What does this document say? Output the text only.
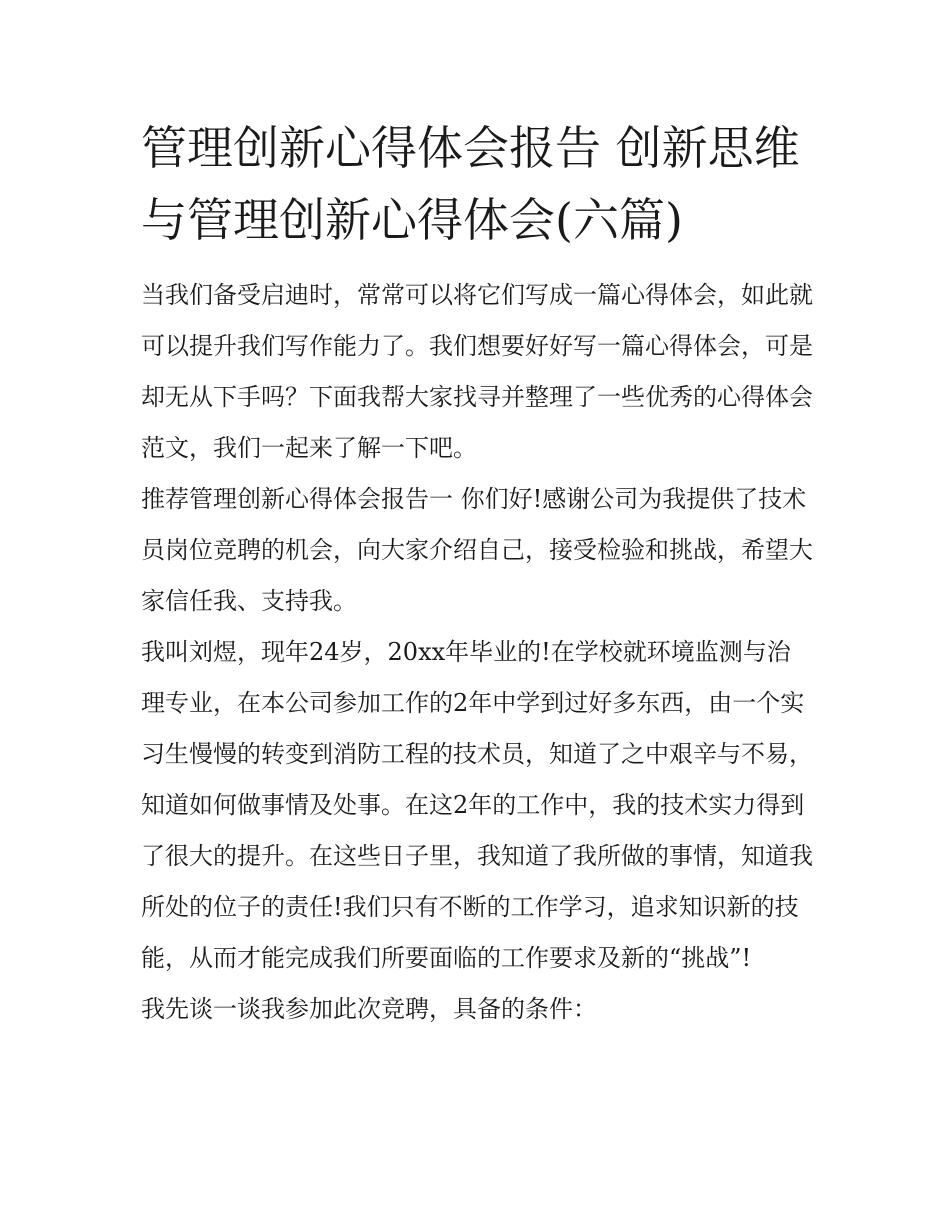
管理创新心得体会报告 创新思维与管理创新心得体会(六篇)

当我们备受启迪时，常常可以将它们写成一篇心得体会，如此就可以提升我们写作能力了。我们想要好好写一篇心得体会，可是却无从下手吗？下面我帮大家找寻并整理了一些优秀的心得体会范文，我们一起来了解一下吧。

推荐管理创新心得体会报告一 你们好!感谢公司为我提供了技术员岗位竞聘的机会，向大家介绍自己，接受检验和挑战，希望大家信任我、支持我。

我叫刘煜，现年24岁，20xx年毕业的!在学校就环境监测与治理专业，在本公司参加工作的2年中学到过好多东西，由一个实习生慢慢的转变到消防工程的技术员，知道了之中艰辛与不易，知道如何做事情及处事。在这2年的工作中，我的技术实力得到了很大的提升。在这些日子里，我知道了我所做的事情，知道我所处的位子的责任!我们只有不断的工作学习，追求知识新的技能，从而才能完成我们所要面临的工作要求及新的“挑战”!

我先谈一谈我参加此次竞聘，具备的条件：
